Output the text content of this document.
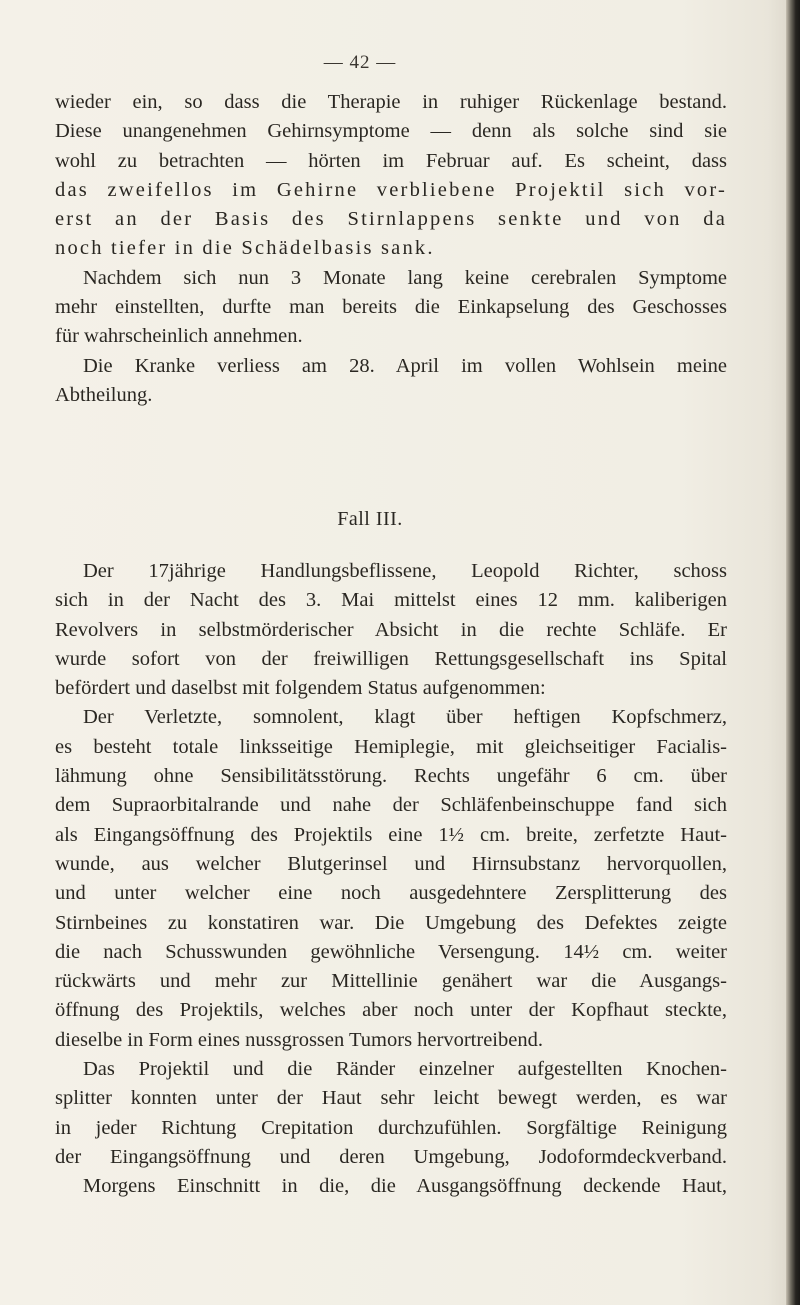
— 42 —
wieder ein, so dass die Therapie in ruhiger Rückenlage bestand.
Diese unangenehmen Gehirnsymptome — denn als solche sind sie
wohl zu betrachten — hörten im Februar auf. Es scheint, dass
das zweifellos im Gehirne verbliebene Projektil sich vor-
erst an der Basis des Stirnlappens senkte und von da
noch tiefer in die Schädelbasis sank.
Nachdem sich nun 3 Monate lang keine cerebralen Symptome
mehr einstellten, durfte man bereits die Einkapselung des Geschosses
für wahrscheinlich annehmen.
Die Kranke verliess am 28. April im vollen Wohlsein meine
Abtheilung.
Fall III.
Der 17jährige Handlungsbeflissene, Leopold Richter, schoss
sich in der Nacht des 3. Mai mittelst eines 12 mm. kaliberigen
Revolvers in selbstmörderischer Absicht in die rechte Schläfe. Er
wurde sofort von der freiwilligen Rettungsgesellschaft ins Spital
befördert und daselbst mit folgendem Status aufgenommen:
Der Verletzte, somnolent, klagt über heftigen Kopfschmerz,
es besteht totale linksseitige Hemiplegie, mit gleichseitiger Facialis-
lähmung ohne Sensibilitätsstörung. Rechts ungefähr 6 cm. über
dem Supraorbitalrande und nahe der Schläfenbeinschuppe fand sich
als Eingangsöffnung des Projektils eine 1½ cm. breite, zerfetzte Haut-
wunde, aus welcher Blutgerinsel und Hirnsubstanz hervorquollen,
und unter welcher eine noch ausgedehntere Zersplitterung des
Stirnbeines zu konstatiren war. Die Umgebung des Defektes zeigte
die nach Schusswunden gewöhnliche Versengung. 14½ cm. weiter
rückwärts und mehr zur Mittellinie genähert war die Ausgangs-
öffnung des Projektils, welches aber noch unter der Kopfhaut steckte,
dieselbe in Form eines nussgrossen Tumors hervortreibend.
Das Projektil und die Ränder einzelner aufgestellten Knochen-
splitter konnten unter der Haut sehr leicht bewegt werden, es war
in jeder Richtung Crepitation durchzufühlen. Sorgfältige Reinigung
der Eingangsöffnung und deren Umgebung, Jodoformdeckverband.
Morgens Einschnitt in die, die Ausgangsöffnung deckende Haut,
